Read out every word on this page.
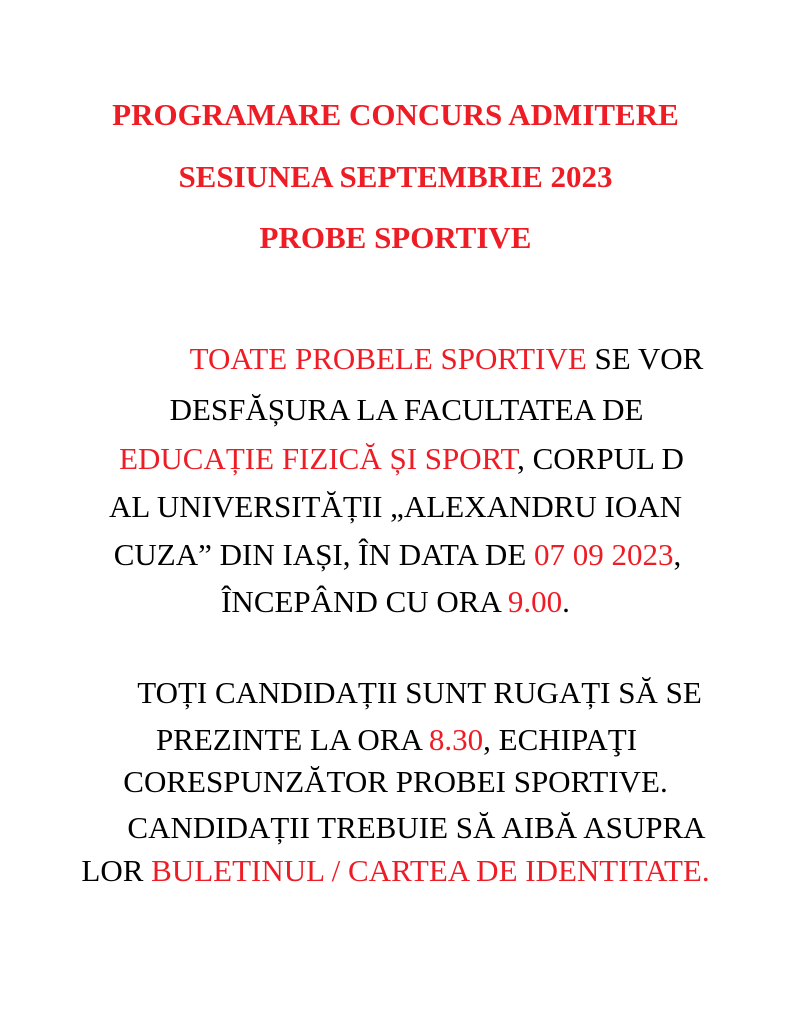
PROGRAMARE CONCURS ADMITERE
SESIUNEA SEPTEMBRIE 2023
PROBE SPORTIVE
TOATE PROBELE SPORTIVE SE VOR
DESFĂȘURA LA FACULTATEA DE
EDUCAȚIE FIZICĂ ȘI SPORT, CORPUL D
AL UNIVERSITĂȚII „ALEXANDRU IOAN
CUZA” DIN IAȘI, ÎN DATA DE 07 09 2023,
ÎNCEPÂND CU ORA 9.00.
TOȚI CANDIDAȚII SUNT RUGAȚI SĂ SE
PREZINTE LA ORA 8.30, ECHIPAŢI
CORESPUNZĂTOR PROBEI SPORTIVE.
CANDIDAȚII TREBUIE SĂ AIBĂ ASUPRA
LOR BULETINUL / CARTEA DE IDENTITATE.
